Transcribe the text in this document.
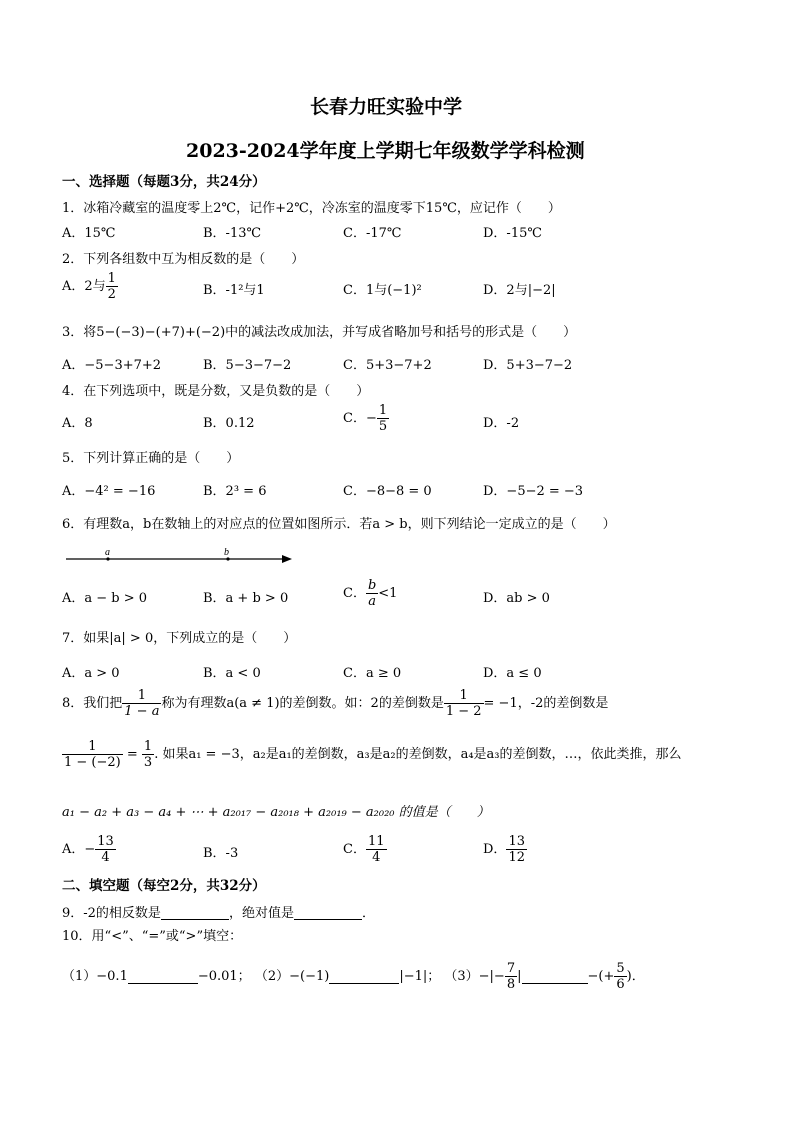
长春力旺实验中学
2023-2024学年度上学期七年级数学学科检测
一、选择题（每题3分，共24分）
1．冰箱冷藏室的温度零上2℃，记作+2℃，冷冻室的温度零下15℃，应记作（　　）
A．15℃	B．-13℃	C．-17℃	D．-15℃
2．下列各组数中互为相反数的是（　　）
A．2与 $\frac{1}{2}$	B．-1²与1	C．1与(−1)²	D．2与|−2|
3．将5−(−3)−(+7)+(−2)中的减法改成加法，并写成省略加号和括号的形式是（　　）
A．−5−3+7+2	B．5−3−7−2	C．5+3−7+2	D．5+3−7−2
4．在下列选项中，既是分数，又是负数的是（　　）
A．8	B．0.12	C．− $\frac{1}{5}$	D．-2
5．下列计算正确的是（　　）
A．−4² = −16	B．2³ = 6	C．−8−8 = 0	D．−5−2 = −3
6．有理数a，b在数轴上的对应点的位置如图所示．若a > b，则下列结论一定成立的是（　　）
a	b
A．a − b > 0	B．a + b > 0	C． $\frac{b}{a} <1$	D．ab > 0
7．如果|a| > 0，下列成立的是（　　）
A．a > 0	B．a < 0	C．a ≥ 0	D．a ≤ 0
8．我们把 $\frac{1}{1 - a}$ 称为有理数a(a ≠ 1)的差倒数。如：2的差倒数是 $\frac{1}{1 - 2} = -1$，-2的差倒数是
$\frac{1}{1 - (-2)} = \frac{1}{3}$ . 如果a₁ = −3，a₂是a₁的差倒数，a₃是a₂的差倒数，a₄是a₃的差倒数，…，依此类推，那么
a₁ − a₂ + a₃ − a₄ + ⋯ + a₂₀₁₇ − a₂₀₁₈ + a₂₀₁₉ − a₂₀₂₀ 的值是（　　）
A．− $\frac{13}{4}$	B．-3	C． $\frac{11}{4}$	D． $\frac{13}{12}$
二、填空题（每空2分，共32分）
9．-2的相反数是	，绝对值是	．
10．用“<”、“=”或“>”填空：
（1）−0.1	−0.01； （2）−(−1)	|−1|； $(3)-|- \frac{7}{8}$ |	−(+ $\frac{5}{6}$ )．
